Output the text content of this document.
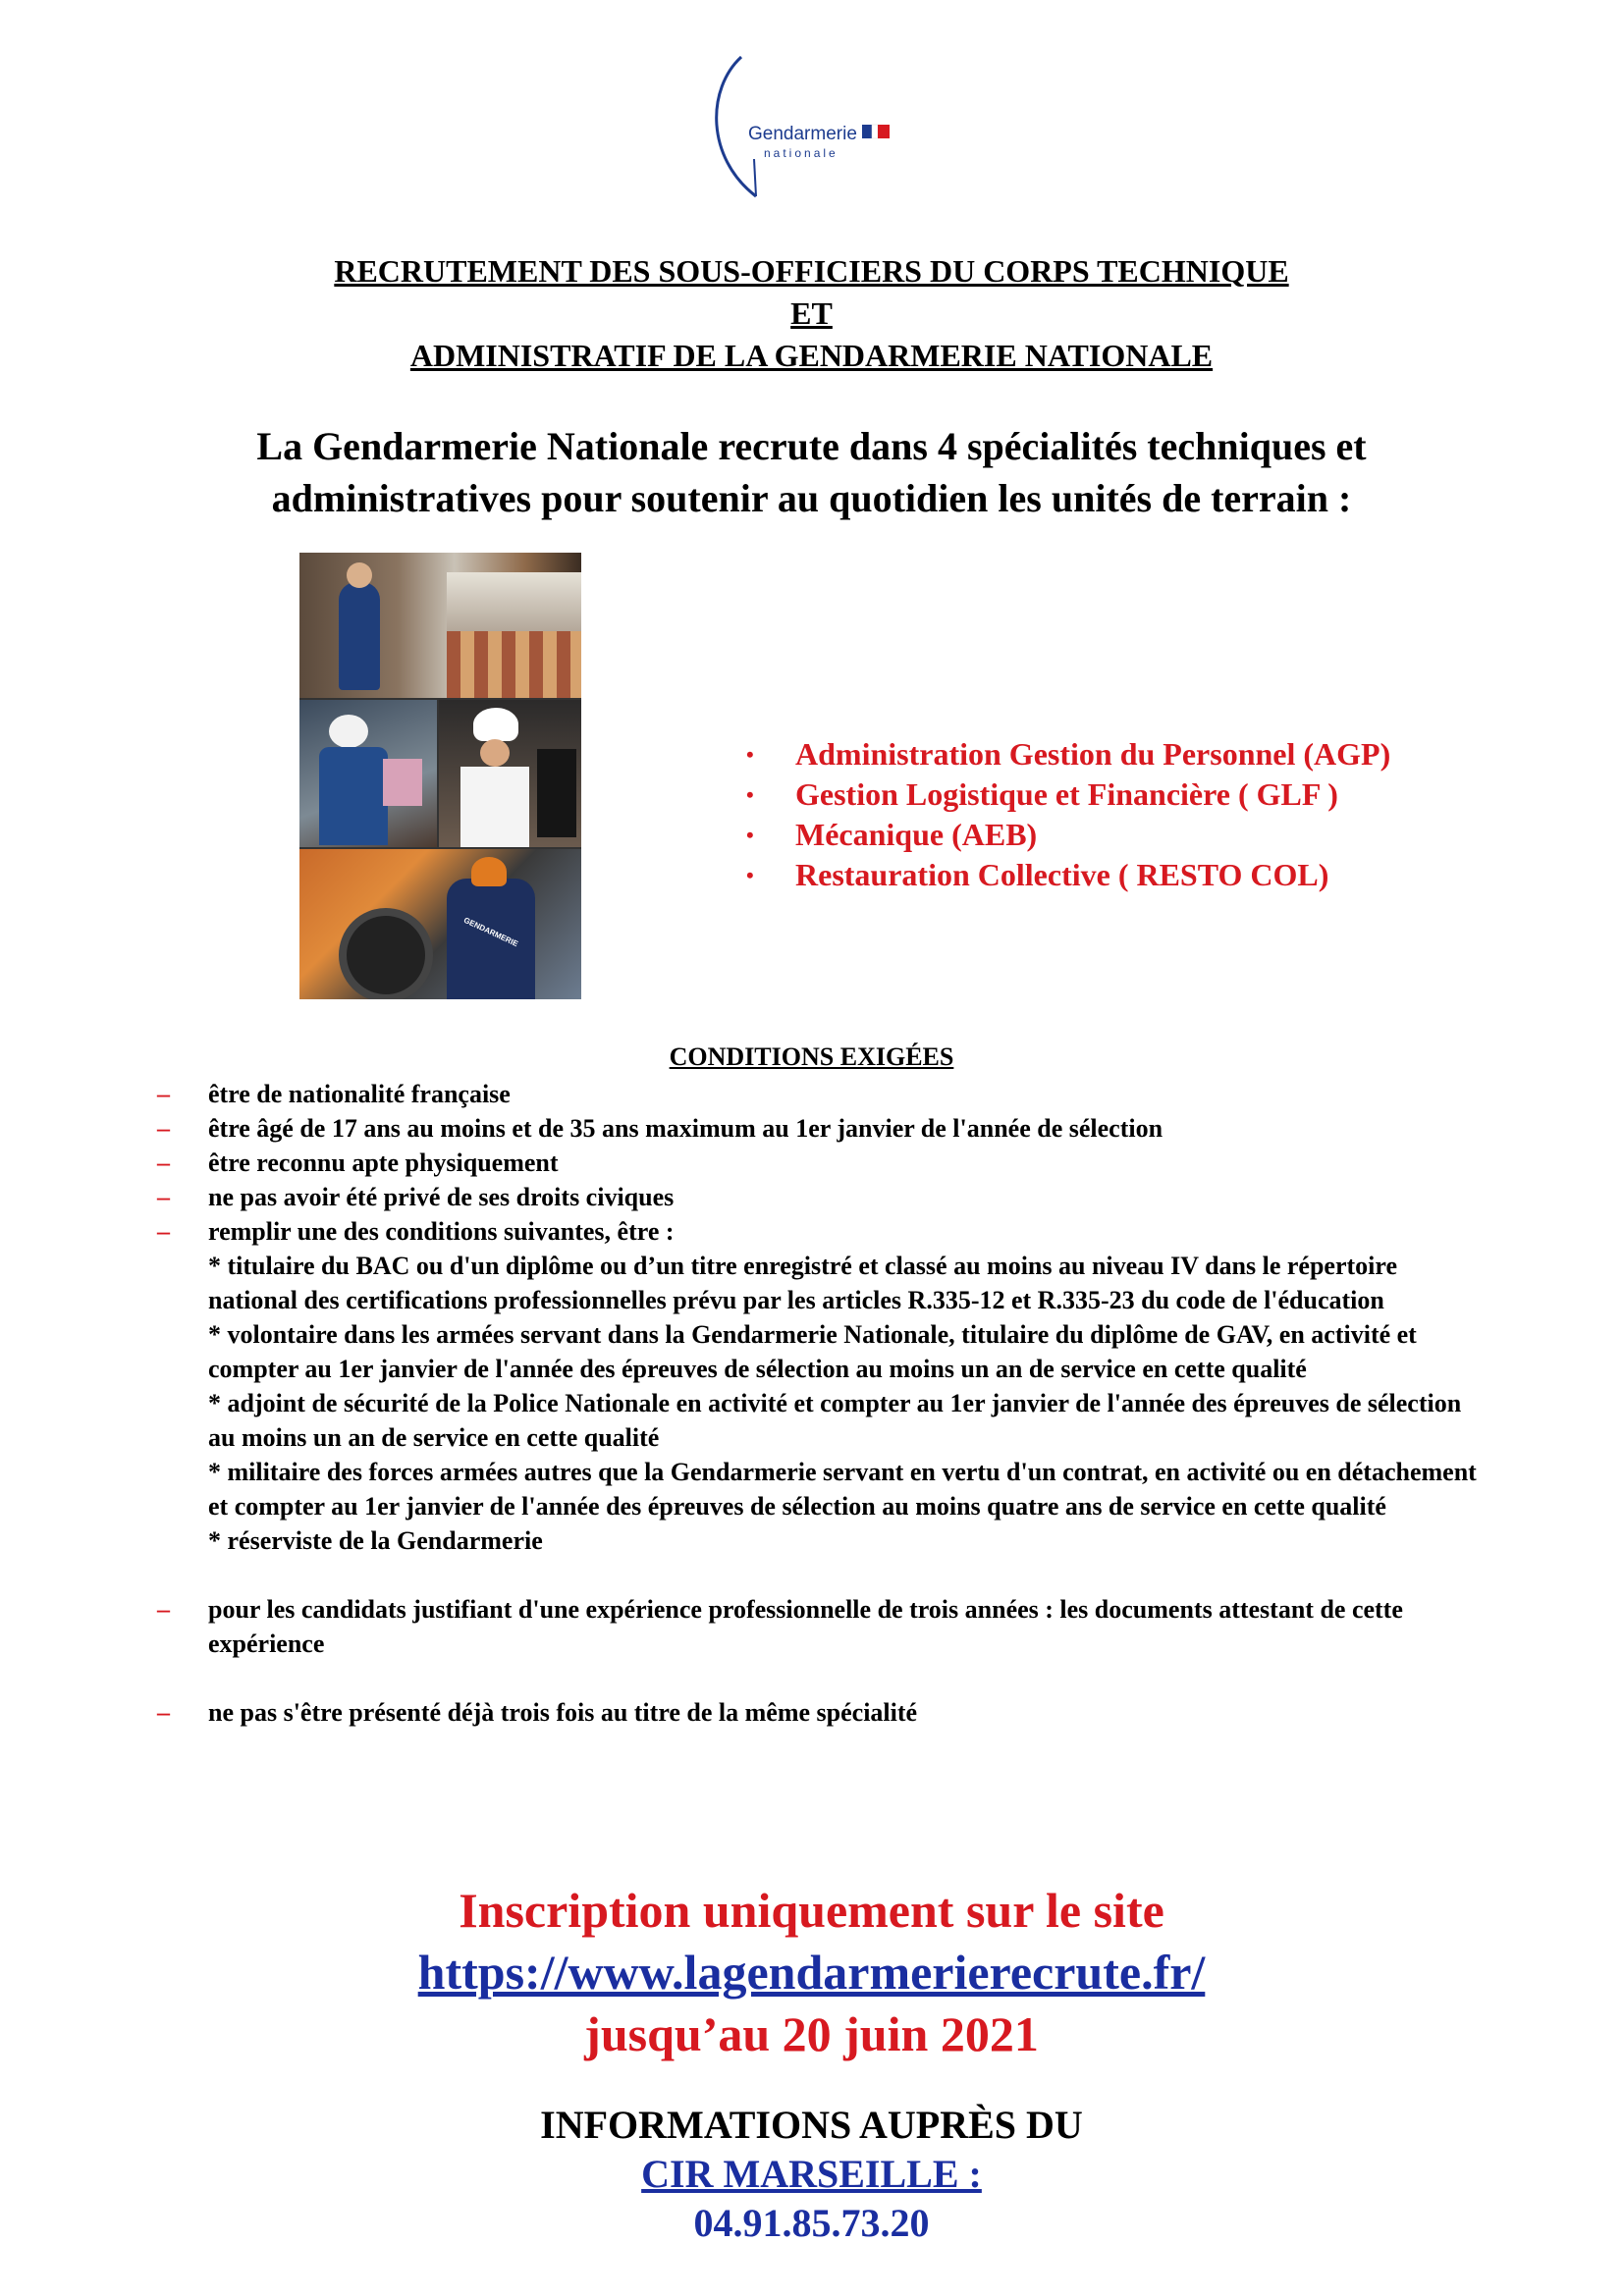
Gendarmerie
nationale
RECRUTEMENT DES SOUS-OFFICIERS DU CORPS TECHNIQUE
ET
ADMINISTRATIF DE LA GENDARMERIE NATIONALE
La Gendarmerie Nationale recrute dans 4 spécialités techniques et
administratives pour soutenir au quotidien les unités de terrain :
GENDARMERIE
• Administration Gestion du Personnel (AGP)
• Gestion Logistique et Financière ( GLF )
• Mécanique (AEB)
• Restauration Collective ( RESTO COL)
CONDITIONS EXIGÉES
– être de nationalité française
– être âgé de 17 ans au moins et de 35 ans maximum au 1er janvier de l'année de sélection
– être reconnu apte physiquement
– ne pas avoir été privé de ses droits civiques
– remplir une des conditions suivantes, être :
* titulaire du BAC ou d'un diplôme ou d’un titre enregistré et classé au moins au niveau IV dans le répertoire national des certifications professionnelles prévu par les articles R.335-12 et R.335-23 du code de l'éducation
* volontaire dans les armées servant dans la Gendarmerie Nationale, titulaire du diplôme de GAV, en activité et compter au 1er janvier de l'année des épreuves de sélection au moins un an de service en cette qualité
* adjoint de sécurité de la Police Nationale en activité et compter au 1er janvier de l'année des épreuves de sélection au moins un an de service en cette qualité
* militaire des forces armées autres que la Gendarmerie servant en vertu d'un contrat, en activité ou en détachement et compter au 1er janvier de l'année des épreuves de sélection au moins quatre ans de service en cette qualité
* réserviste de la Gendarmerie
– pour les candidats justifiant d'une expérience professionnelle de trois années : les documents attestant de cette expérience
– ne pas s'être présenté déjà trois fois au titre de la même spécialité
Inscription uniquement sur le site
https://www.lagendarmerierecrute.fr/
jusqu’au 20 juin 2021
INFORMATIONS AUPRÈS DU
CIR MARSEILLE :
04.91.85.73.20
